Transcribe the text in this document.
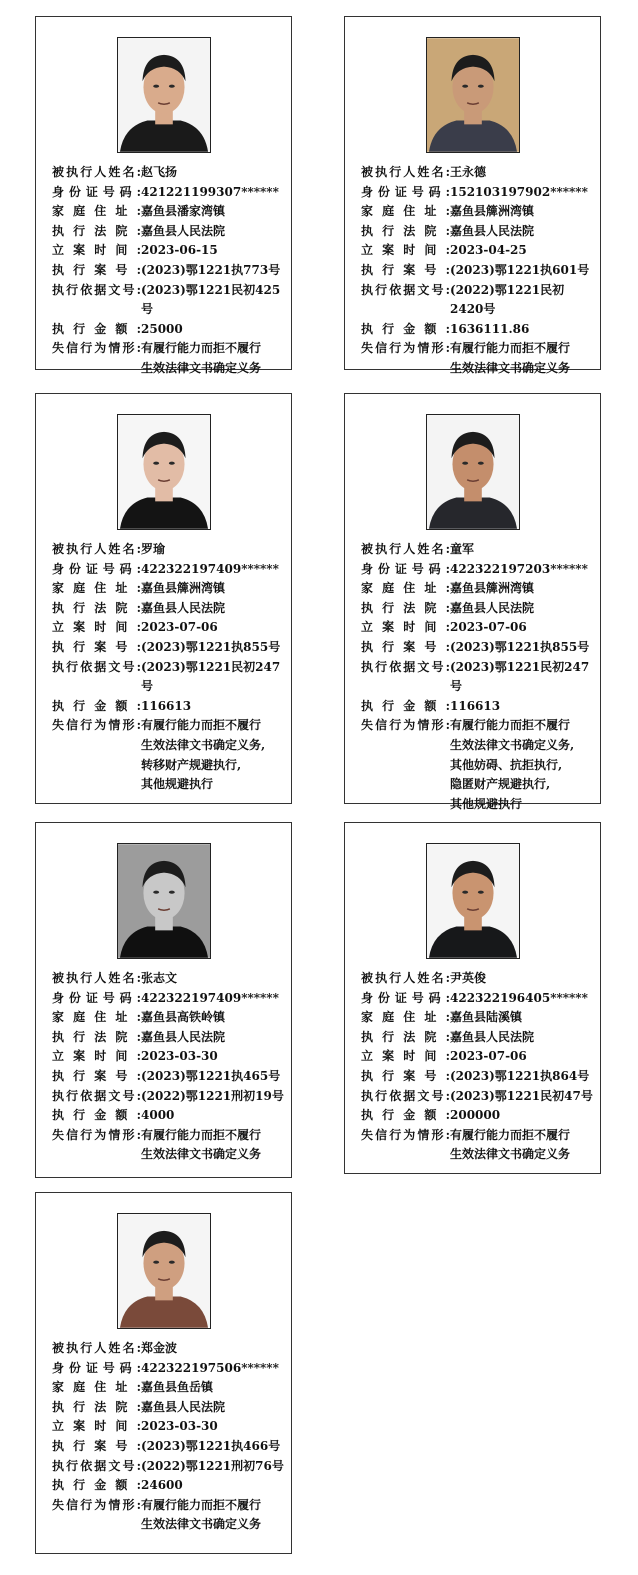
被执行人姓名: 赵飞扬
身份证号码: 421221199307******
家庭住址: 嘉鱼县潘家湾镇
执行法院: 嘉鱼县人民法院
立案时间: 2023-06-15
执行案号: (2023)鄂1221执773号
执行依据文号: (2023)鄂1221民初425号
执行金额: 25000
失信行为情形: 有履行能力而拒不履行
生效法律文书确定义务
被执行人姓名: 王永德
身份证号码: 152103197902******
家庭住址: 嘉鱼县簰洲湾镇
执行法院: 嘉鱼县人民法院
立案时间: 2023-04-25
执行案号: (2023)鄂1221执601号
执行依据文号: (2022)鄂1221民初2420号
执行金额: 1636111.86
失信行为情形: 有履行能力而拒不履行
生效法律文书确定义务
被执行人姓名: 罗瑜
身份证号码: 422322197409******
家庭住址: 嘉鱼县簰洲湾镇
执行法院: 嘉鱼县人民法院
立案时间: 2023-07-06
执行案号: (2023)鄂1221执855号
执行依据文号: (2023)鄂1221民初247号
执行金额: 116613
失信行为情形: 有履行能力而拒不履行
生效法律文书确定义务,
转移财产规避执行,
其他规避执行
被执行人姓名: 童军
身份证号码: 422322197203******
家庭住址: 嘉鱼县簰洲湾镇
执行法院: 嘉鱼县人民法院
立案时间: 2023-07-06
执行案号: (2023)鄂1221执855号
执行依据文号: (2023)鄂1221民初247号
执行金额: 116613
失信行为情形: 有履行能力而拒不履行
生效法律文书确定义务,
其他妨碍、抗拒执行,
隐匿财产规避执行,
其他规避执行
被执行人姓名: 张志文
身份证号码: 422322197409******
家庭住址: 嘉鱼县高铁岭镇
执行法院: 嘉鱼县人民法院
立案时间: 2023-03-30
执行案号: (2023)鄂1221执465号
执行依据文号: (2022)鄂1221刑初19号
执行金额: 4000
失信行为情形: 有履行能力而拒不履行
生效法律文书确定义务
被执行人姓名: 尹英俊
身份证号码: 422322196405******
家庭住址: 嘉鱼县陆溪镇
执行法院: 嘉鱼县人民法院
立案时间: 2023-07-06
执行案号: (2023)鄂1221执864号
执行依据文号: (2023)鄂1221民初47号
执行金额: 200000
失信行为情形: 有履行能力而拒不履行
生效法律文书确定义务
被执行人姓名: 郑金波
身份证号码: 422322197506******
家庭住址: 嘉鱼县鱼岳镇
执行法院: 嘉鱼县人民法院
立案时间: 2023-03-30
执行案号: (2023)鄂1221执466号
执行依据文号: (2022)鄂1221刑初76号
执行金额: 24600
失信行为情形: 有履行能力而拒不履行
生效法律文书确定义务
